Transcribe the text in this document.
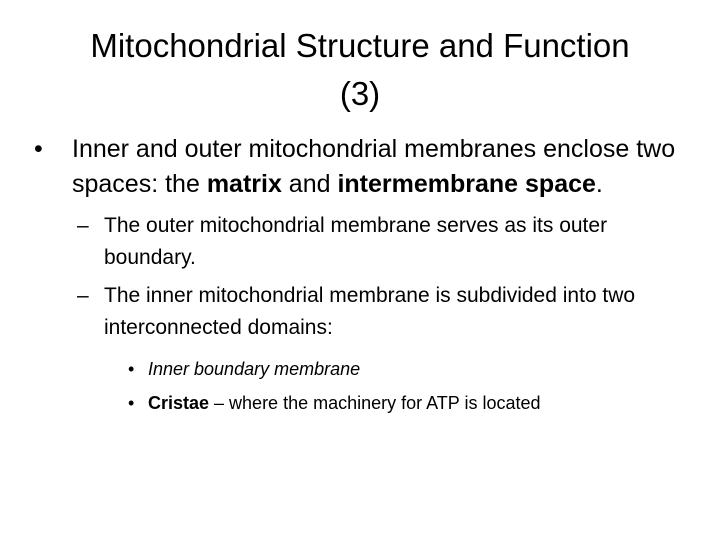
Mitochondrial Structure and Function
(3)
•	Inner and outer mitochondrial membranes enclose two spaces: the matrix and intermembrane space.
– The outer mitochondrial membrane serves as its outer boundary.
– The inner mitochondrial membrane is subdivided into two interconnected domains:
• Inner boundary membrane
• Cristae – where the machinery for ATP is located
